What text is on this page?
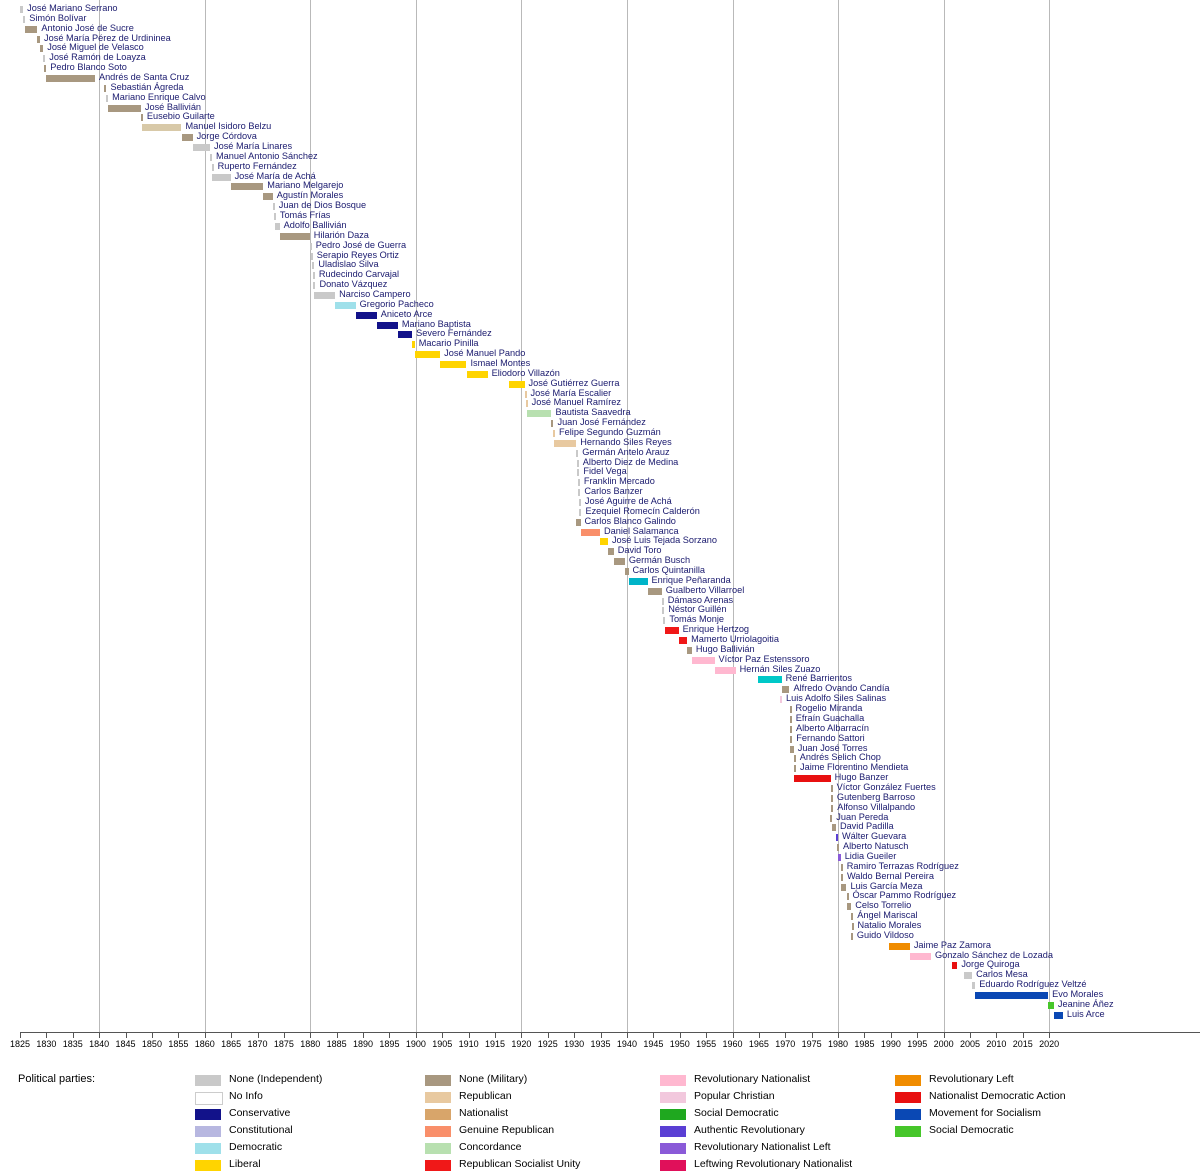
José Mariano Serrano
Simón Bolívar
Antonio José de Sucre
José María Pérez de Urdininea
José Miguel de Velasco
José Ramón de Loayza
Pedro Blanco Soto
Andrés de Santa Cruz
Sebastián Ágreda
Mariano Enrique Calvo
José Ballivián
Eusebio Guilarte
Manuel Isidoro Belzu
Jorge Córdova
José María Linares
Manuel Antonio Sánchez
Ruperto Fernández
José María de Achá
Mariano Melgarejo
Agustín Morales
Juan de Dios Bosque
Tomás Frías
Adolfo Ballivián
Hilarión Daza
Pedro José de Guerra
Serapio Reyes Ortiz
Uladislao Silva
Rudecindo Carvajal
Donato Vázquez
Narciso Campero
Gregorio Pacheco
Aniceto Arce
Mariano Baptista
Severo Fernández
Macario Pinilla
José Manuel Pando
Ismael Montes
Eliodoro Villazón
José Gutiérrez Guerra
José María Escalier
José Manuel Ramírez
Bautista Saavedra
Juan José Fernández
Felipe Segundo Guzmán
Hernando Siles Reyes
Germán Antelo Arauz
Alberto Diez de Medina
Fidel Vega
Franklin Mercado
Carlos Banzer
José Aguirre de Achá
Ezequiel Romecín Calderón
Carlos Blanco Galindo
Daniel Salamanca
José Luis Tejada Sorzano
David Toro
Germán Busch
Carlos Quintanilla
Enrique Peñaranda
Gualberto Villarroel
Dámaso Arenas
Néstor Guillén
Tomás Monje
Enrique Hertzog
Mamerto Urriolagoitia
Hugo Ballivián
Víctor Paz Estenssoro
Hernán Siles Zuazo
René Barrientos
Alfredo Ovando Candía
Luis Adolfo Siles Salinas
Rogelio Miranda
Efraín Guachalla
Alberto Albarracín
Fernando Sattori
Juan José Torres
Andrés Selich Chop
Jaime Florentino Mendieta
Hugo Banzer
Víctor González Fuertes
Gutenberg Barroso
Alfonso Villalpando
Juan Pereda
David Padilla
Wálter Guevara
Alberto Natusch
Lidia Gueiler
Ramiro Terrazas Rodríguez
Waldo Bernal Pereira
Luis García Meza
Óscar Pammo Rodríguez
Celso Torrelio
Ángel Mariscal
Natalio Morales
Guido Vildoso
Jaime Paz Zamora
Gonzalo Sánchez de Lozada
Jorge Quiroga
Carlos Mesa
Eduardo Rodríguez Veltzé
Evo Morales
Jeanine Áñez
Luis Arce
1825 1830 1835 1840 1845 1850 1855 1860 1865 1870 1875 1880 1885 1890 1895 1900 1905 1910 1915 1920 1925 1930 1935 1940 1945 1950 1955 1960 1965 1970 1975 1980 1985 1990 1995 2000 2005 2010 2015 2020
Political parties:	None (Independent)
No Info
Conservative
Constitutional
Democratic
Liberal
None (Military)
Republican
Nationalist
Genuine Republican
Concordance
Republican Socialist Unity
Revolutionary Nationalist
Popular Christian
Social Democratic
Authentic Revolutionary
Revolutionary Nationalist Left
Leftwing Revolutionary Nationalist
Revolutionary Left
Nationalist Democratic Action
Movement for Socialism
Social Democratic
